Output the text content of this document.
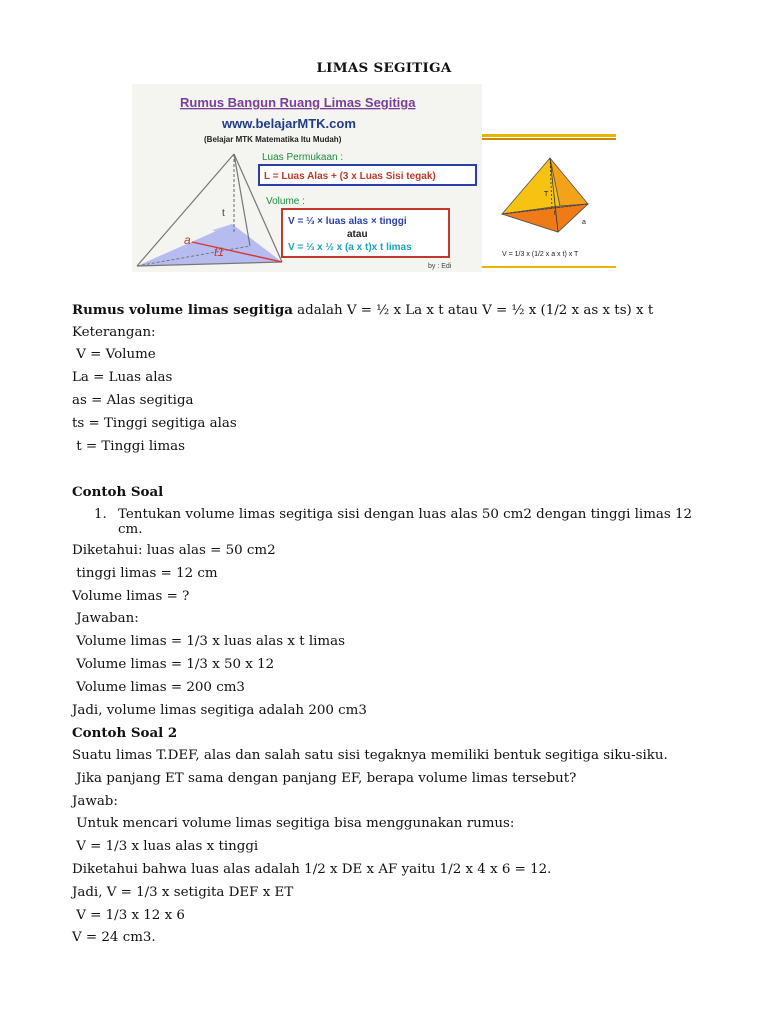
LIMAS SEGITIGA
t
a
t1
Rumus Bangun Ruang Limas Segitiga
www.belajarMTK.com
(Belajar MTK Matematika Itu Mudah)
Luas Permukaan :
L = Luas Alas + (3 x Luas Sisi tegak)
Volume :
V = ⅓ × luas alas × tinggi
atau
V = ⅓ x ½ x (a x t)x t limas
by : Edi
T
t
a
V = 1/3 x (1/2 x a x t) x T
Rumus volume limas segitiga adalah V = ½ x La x t atau V = ½ x (1/2 x as x ts) x t
Keterangan:
V = Volume
La = Luas alas
as = Alas segitiga
ts = Tinggi segitiga alas
t = Tinggi limas
Contoh Soal
1. Tentukan volume limas segitiga sisi dengan luas alas 50 cm2 dengan tinggi limas 12 cm.
Diketahui: luas alas = 50 cm2
tinggi limas = 12 cm
Volume limas = ?
Jawaban:
Volume limas = 1/3 x luas alas x t limas
Volume limas = 1/3 x 50 x 12
Volume limas = 200 cm3
Jadi, volume limas segitiga adalah 200 cm3
Contoh Soal 2
Suatu limas T.DEF, alas dan salah satu sisi tegaknya memiliki bentuk segitiga siku-siku.
Jika panjang ET sama dengan panjang EF, berapa volume limas tersebut?
Jawab:
Untuk mencari volume limas segitiga bisa menggunakan rumus:
V = 1/3 x luas alas x tinggi
Diketahui bahwa luas alas adalah 1/2 x DE x AF yaitu 1/2 x 4 x 6 = 12.
Jadi, V = 1/3 x setigita DEF x ET
V = 1/3 x 12 x 6
V = 24 cm3.
